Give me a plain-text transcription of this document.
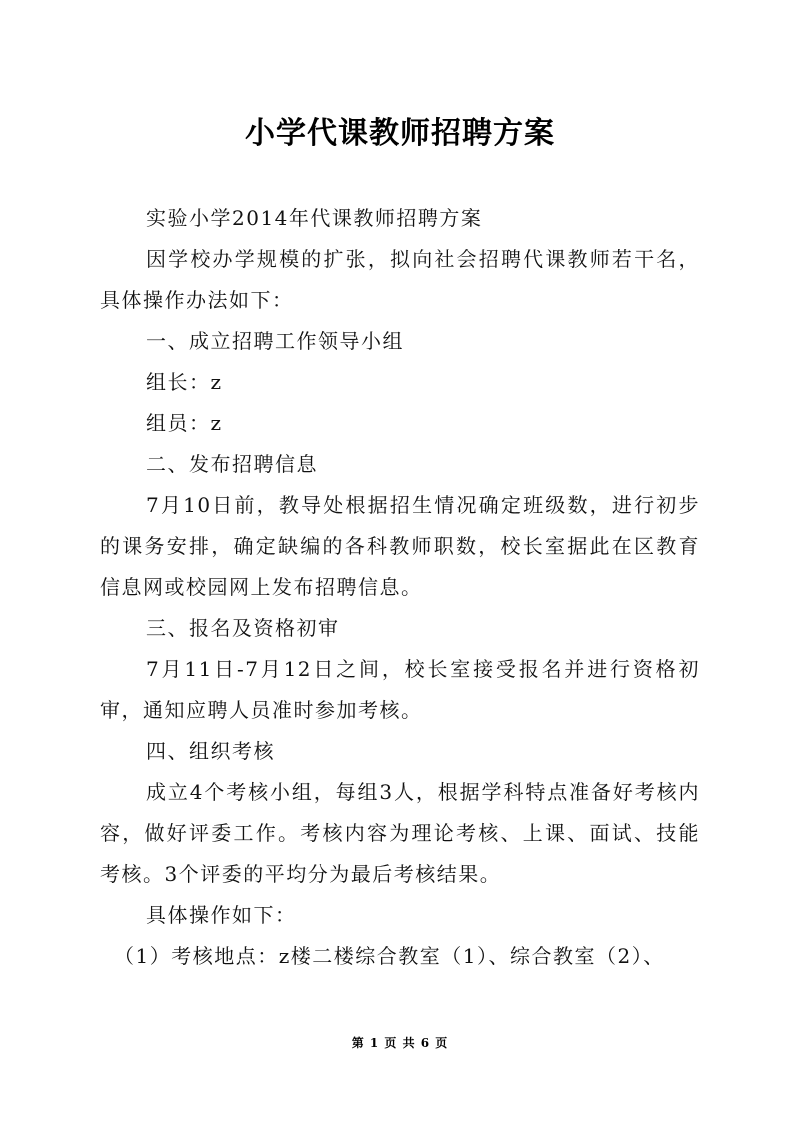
小学代课教师招聘方案

实验小学2014年代课教师招聘方案

因学校办学规模的扩张，拟向社会招聘代课教师若干名，具体操作办法如下：

一、成立招聘工作领导小组

组长：z

组员：z

二、发布招聘信息

7月10日前，教导处根据招生情况确定班级数，进行初步的课务安排，确定缺编的各科教师职数，校长室据此在区教育信息网或校园网上发布招聘信息。

三、报名及资格初审

7月11日-7月12日之间，校长室接受报名并进行资格初审，通知应聘人员准时参加考核。

四、组织考核

成立4个考核小组，每组3人，根据学科特点准备好考核内容，做好评委工作。考核内容为理论考核、上课、面试、技能考核。3个评委的平均分为最后考核结果。

具体操作如下：

（1）考核地点：z楼二楼综合教室（1）、综合教室（2）、

第 1 页 共 6 页
